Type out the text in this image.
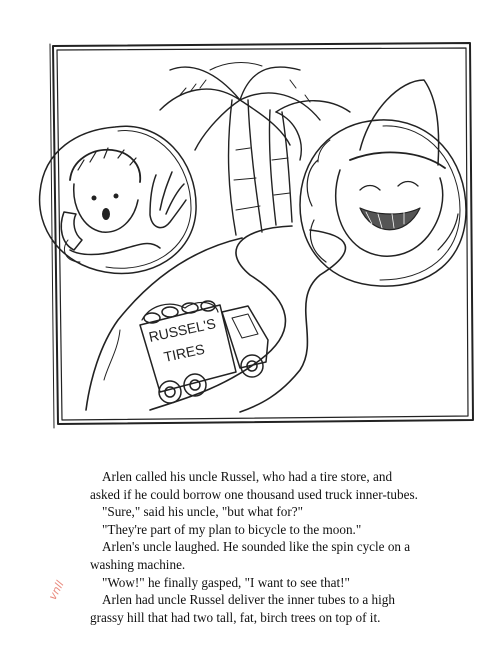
RUSSEL'S
TIRES

Arlen called his uncle Russel, who had a tire store, and

asked if he could borrow one thousand used truck inner-tubes.

"Sure," said his uncle, "but what for?"

"They're part of my plan to bicycle to the moon."

Arlen's uncle laughed. He sounded like the spin cycle on a

washing machine.

"Wow!" he finally gasped, "I want to see that!"

Arlen had uncle Russel deliver the inner tubes to a high

grassy hill that had two tall, fat, birch trees on top of it.

vnll
